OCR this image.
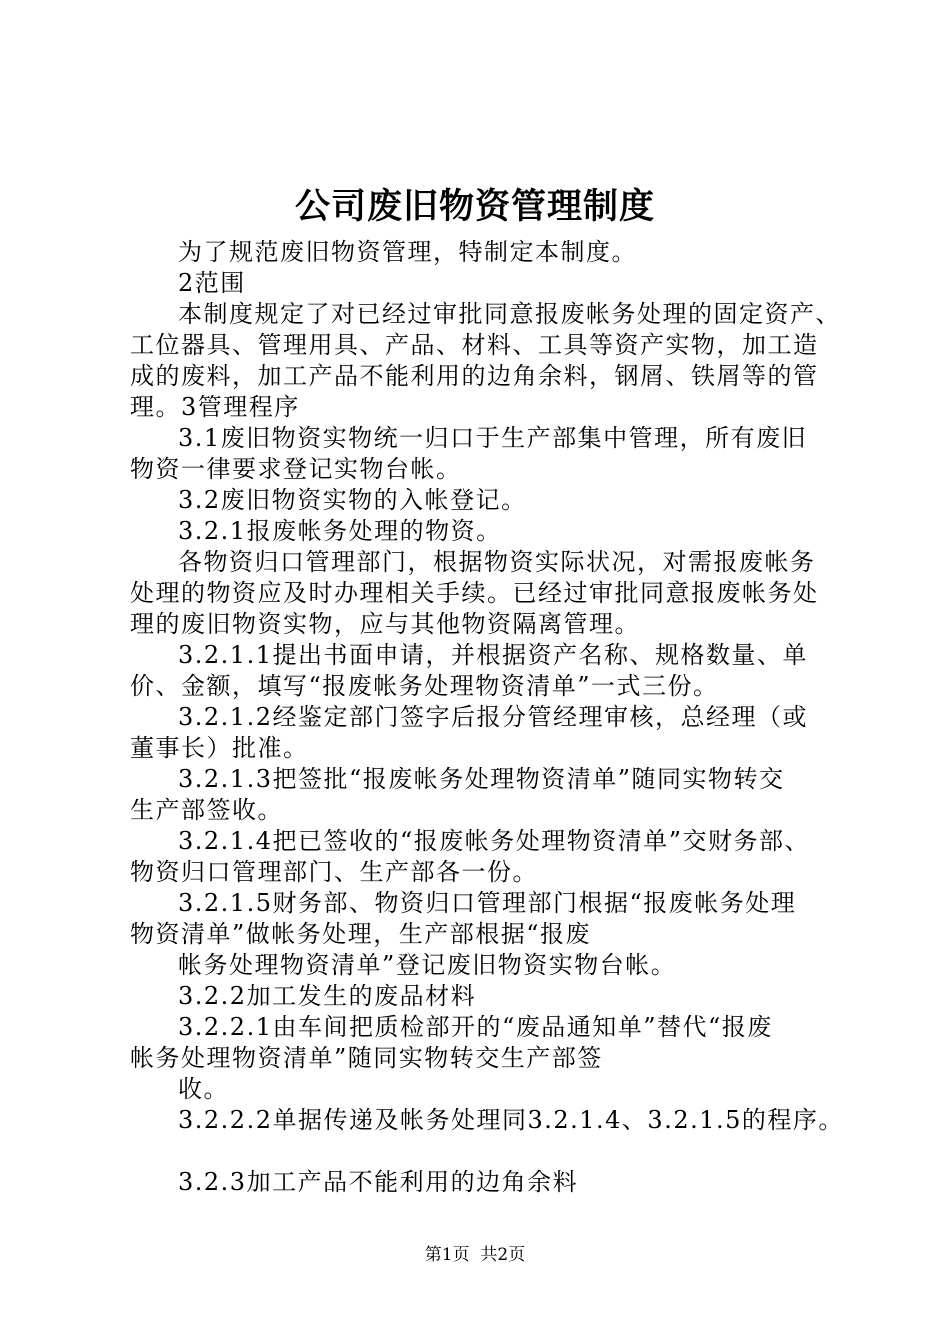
公司废旧物资管理制度
为了规范废旧物资管理，特制定本制度。
2范围
本制度规定了对已经过审批同意报废帐务处理的固定资产、
工位器具、管理用具、产品、材料、工具等资产实物，加工造
成的废料，加工产品不能利用的边角余料，钢屑、铁屑等的管
理。3管理程序
3.1废旧物资实物统一归口于生产部集中管理，所有废旧
物资一律要求登记实物台帐。
3.2废旧物资实物的入帐登记。
3.2.1报废帐务处理的物资。
各物资归口管理部门，根据物资实际状况，对需报废帐务
处理的物资应及时办理相关手续。已经过审批同意报废帐务处
理的废旧物资实物，应与其他物资隔离管理。
3.2.1.1提出书面申请，并根据资产名称、规格数量、单
价、金额，填写“报废帐务处理物资清单”一式三份。
3.2.1.2经鉴定部门签字后报分管经理审核，总经理（或
董事长）批准。
3.2.1.3把签批“报废帐务处理物资清单”随同实物转交
生产部签收。
3.2.1.4把已签收的“报废帐务处理物资清单”交财务部、
物资归口管理部门、生产部各一份。
3.2.1.5财务部、物资归口管理部门根据“报废帐务处理
物资清单”做帐务处理，生产部根据“报废
帐务处理物资清单”登记废旧物资实物台帐。
3.2.2加工发生的废品材料
3.2.2.1由车间把质检部开的“废品通知单”替代“报废
帐务处理物资清单”随同实物转交生产部签
收。
3.2.2.2单据传递及帐务处理同3.2.1.4、3.2.1.5的程序。
3.2.3加工产品不能利用的边角余料
第1页  共2页
